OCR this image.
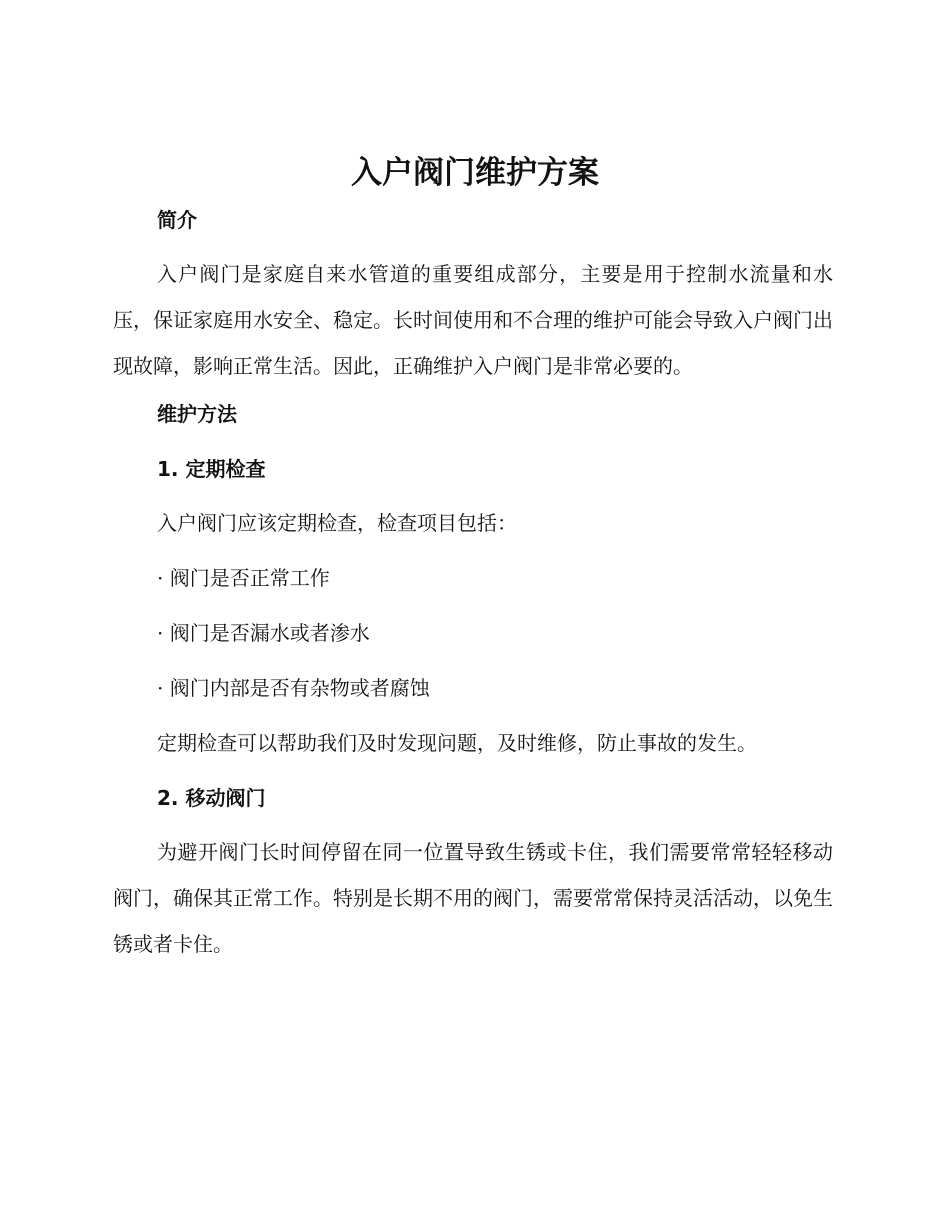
入户阀门维护方案
简介

入户阀门是家庭自来水管道的重要组成部分，主要是用于控制水流量和水压，保证家庭用水安全、稳定。长时间使用和不合理的维护可能会导致入户阀门出现故障，影响正常生活。因此，正确维护入户阀门是非常必要的。

维护方法
1. 定期检查

入户阀门应该定期检查，检查项目包括：

· 阀门是否正常工作

· 阀门是否漏水或者渗水

· 阀门内部是否有杂物或者腐蚀

定期检查可以帮助我们及时发现问题，及时维修，防止事故的发生。

2. 移动阀门

为避开阀门长时间停留在同一位置导致生锈或卡住，我们需要常常轻轻移动阀门，确保其正常工作。特别是长期不用的阀门，需要常常保持灵活活动，以免生锈或者卡住。
